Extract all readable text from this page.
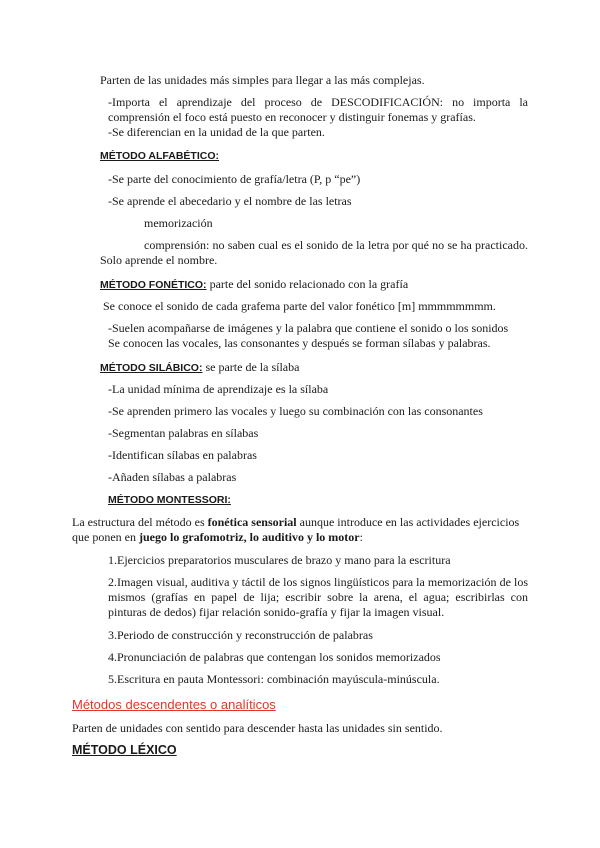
Parten de las unidades más simples para llegar a las más complejas.
-Importa el aprendizaje del proceso de DESCODIFICACIÓN: no importa la comprensión el foco está puesto en reconocer y distinguir fonemas y grafías.
-Se diferencian en la unidad de la que parten.
MÉTODO ALFABÉTICO:
-Se parte del conocimiento de grafía/letra (P, p “pe”)
-Se aprende el abecedario y el nombre de las letras
memorización
comprensión: no saben cual es el sonido de la letra por qué no se ha practicado. Solo aprende el nombre.
MÉTODO FONÉTICO: parte del sonido relacionado con la grafía
Se conoce el sonido de cada grafema parte del valor fonético [m] mmmmmmmm.
-Suelen acompañarse de imágenes y la palabra que contiene el sonido o los sonidos
Se conocen las vocales, las consonantes y después se forman sílabas y palabras.
MÉTODO SILÁBICO: se parte de la sílaba
-La unidad mínima de aprendizaje es la sílaba
-Se aprenden primero las vocales y luego su combinación con las consonantes
-Segmentan palabras en sílabas
-Identifican sílabas en palabras
-Añaden sílabas a palabras
MÉTODO MONTESSORI:
La estructura del método es fonética sensorial aunque introduce en las actividades ejercicios
que ponen en juego lo grafomotriz, lo auditivo y lo motor:
1.Ejercicios preparatorios musculares de brazo y mano para la escritura
2.Imagen visual, auditiva y táctil de los signos lingüísticos para la memorización de los mismos (grafías en papel de lija; escribir sobre la arena, el agua; escribirlas con pinturas de dedos) fijar relación sonido-grafía y fijar la imagen visual.
3.Periodo de construcción y reconstrucción de palabras
4.Pronunciación de palabras que contengan los sonidos memorizados
5.Escritura en pauta Montessori: combinación mayúscula-minúscula.
Métodos descendentes o analíticos
Parten de unidades con sentido para descender hasta las unidades sin sentido.
MÉTODO LÉXICO
